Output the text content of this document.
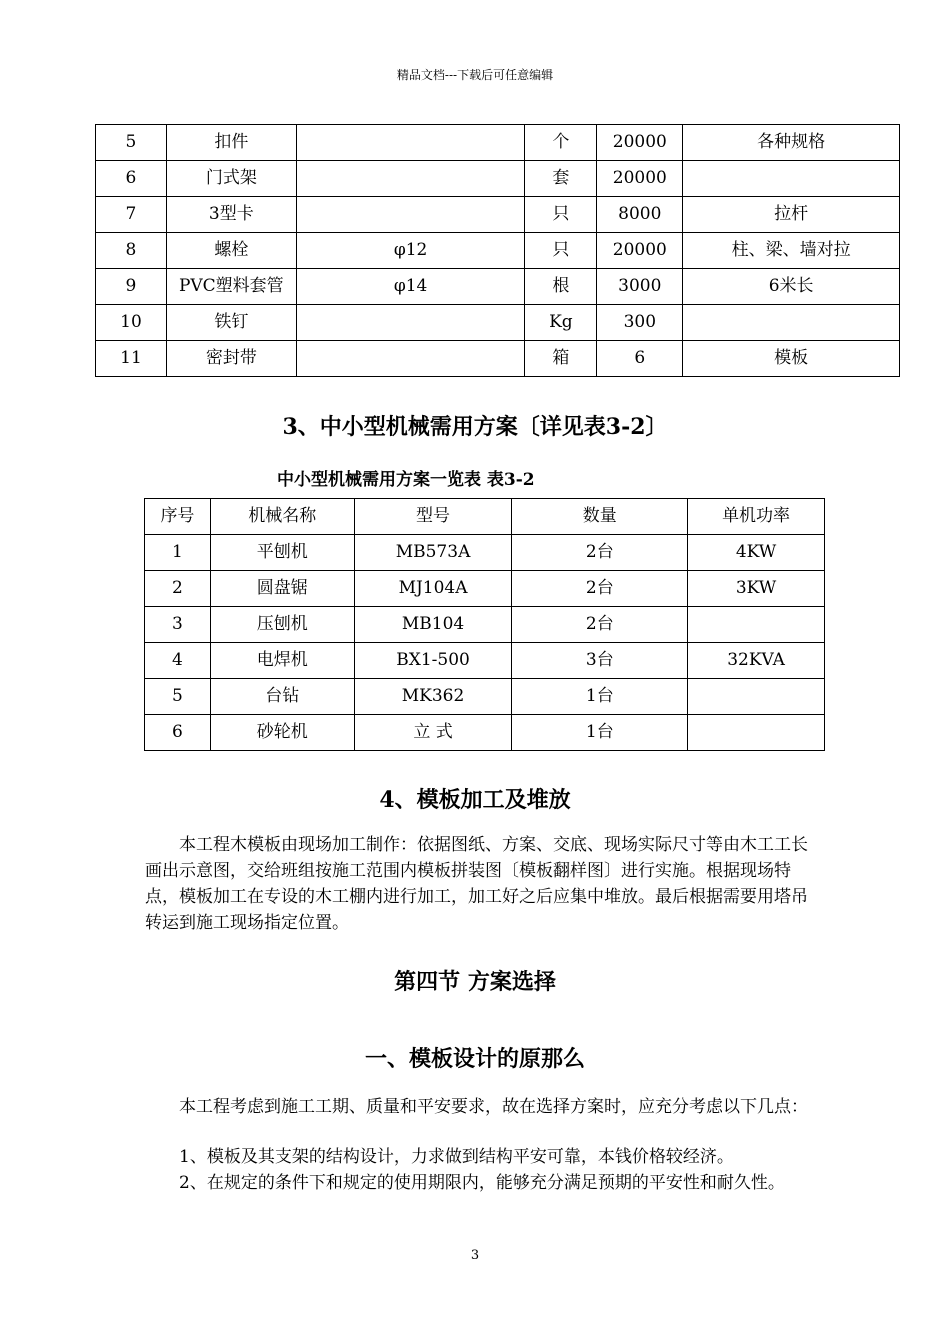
精品文档---下载后可任意编辑
5	扣件		个	20000	各种规格
6	门式架		套	20000	
7	3型卡		只	8000	拉杆
8	螺栓	φ12	只	20000	柱、梁、墙对拉
9	PVC塑料套管	φ14	根	3000	6米长
10	铁钉		Kg	300	
11	密封带		箱	6	模板
3、中小型机械需用方案〔详见表3-2〕
中小型机械需用方案一览表 表3-2
序号	机械名称	型号	数量	单机功率
1	平刨机	MB573A	2台	4KW
2	圆盘锯	MJ104A	2台	3KW
3	压刨机	MB104	2台	
4	电焊机	BX1-500	3台	32KVA
5	台钻	MK362	1台	
6	砂轮机	立 式	1台	
4、模板加工及堆放

本工程木模板由现场加工制作：依据图纸、方案、交底、现场实际尺寸等由木工工长画出示意图，交给班组按施工范围内模板拼装图〔模板翻样图〕进行实施。根据现场特点，模板加工在专设的木工棚内进行加工，加工好之后应集中堆放。最后根据需要用塔吊转运到施工现场指定位置。

第四节 方案选择
一、模板设计的原那么

本工程考虑到施工工期、质量和平安要求，故在选择方案时，应充分考虑以下几点：

1、模板及其支架的结构设计，力求做到结构平安可靠，本钱价格较经济。

2、在规定的条件下和规定的使用期限内，能够充分满足预期的平安性和耐久性。

3
